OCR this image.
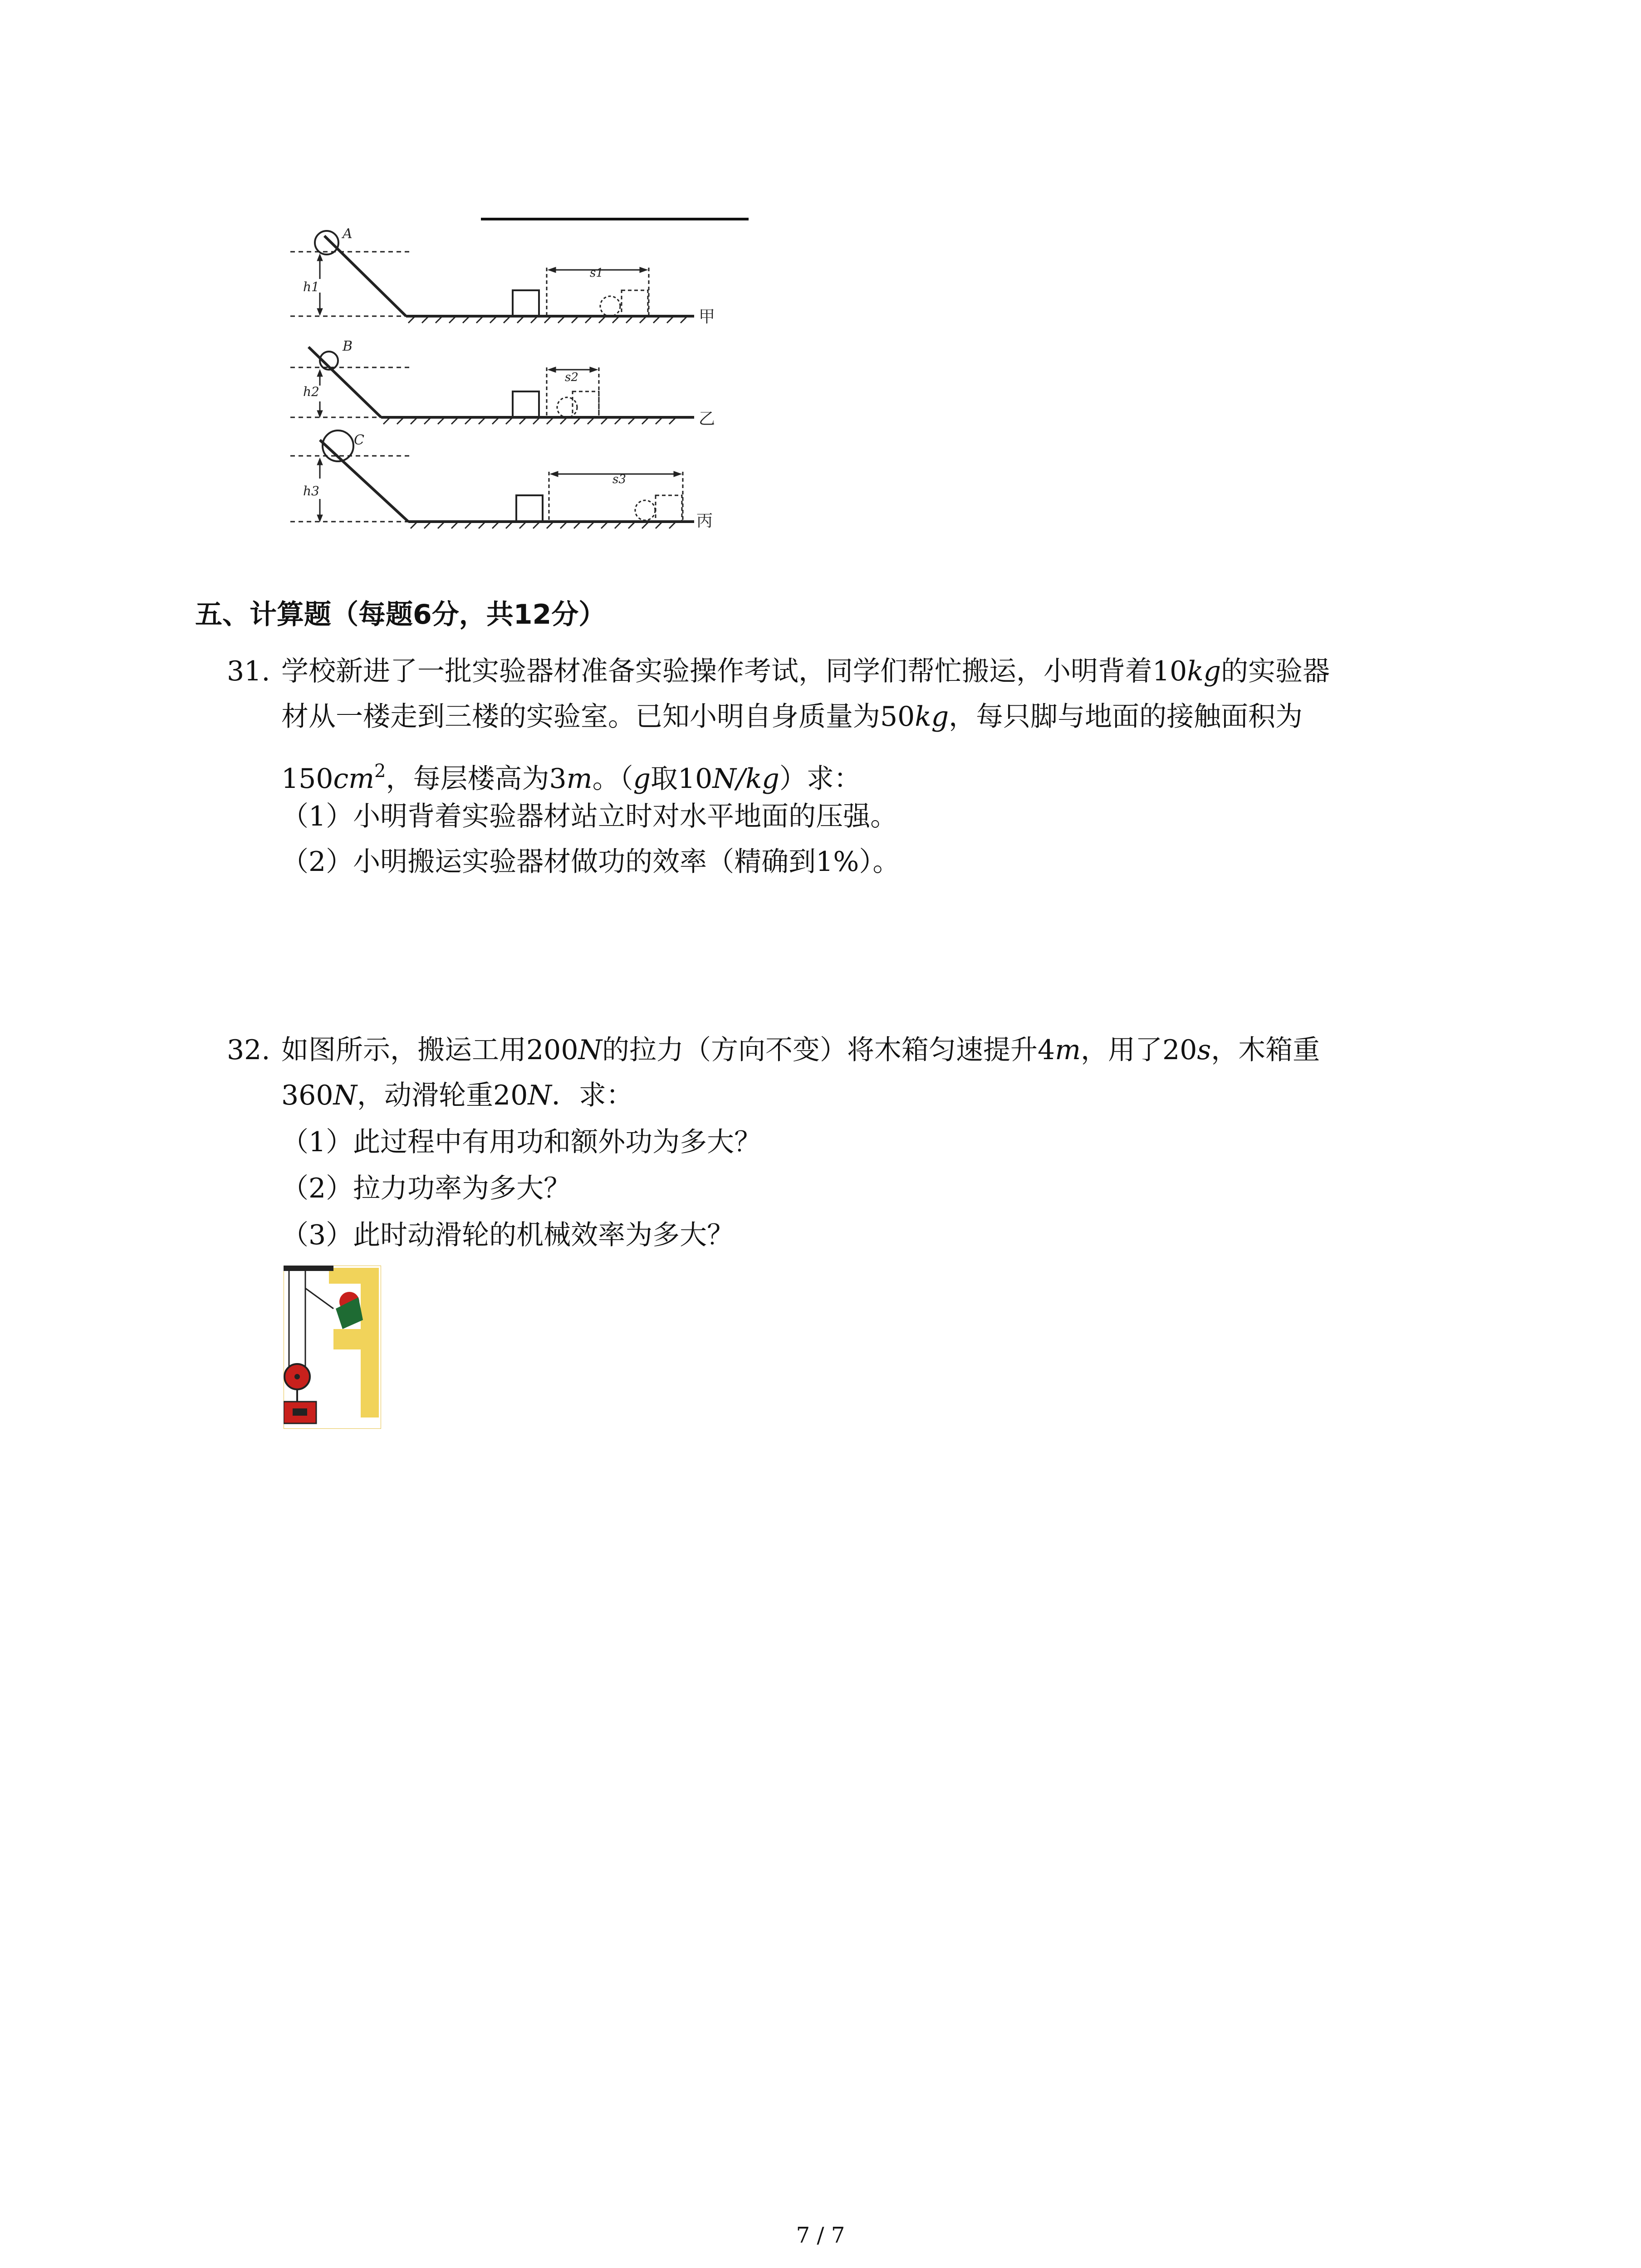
A
h1
s1
B
h2
s2
C
h3
s3
甲
乙
丙
五、计算题（每题6分，共12分）
31. 学校新进了一批实验器材准备实验操作考试，同学们帮忙搬运，小明背着10kg的实验器
材从一楼走到三楼的实验室。已知小明自身质量为50kg，每只脚与地面的接触面积为
$150cm^2$，每层楼高为3m。（g取10N/kg）求：
（1）小明背着实验器材站立时对水平地面的压强。
（2）小明搬运实验器材做功的效率（精确到1%）。
32. 如图所示，搬运工用200N的拉力（方向不变）将木箱匀速提升4m，用了20s，木箱重
360N，动滑轮重20N．求：
（1）此过程中有用功和额外功为多大？
（2）拉力功率为多大？
（3）此时动滑轮的机械效率为多大？
7 / 7
